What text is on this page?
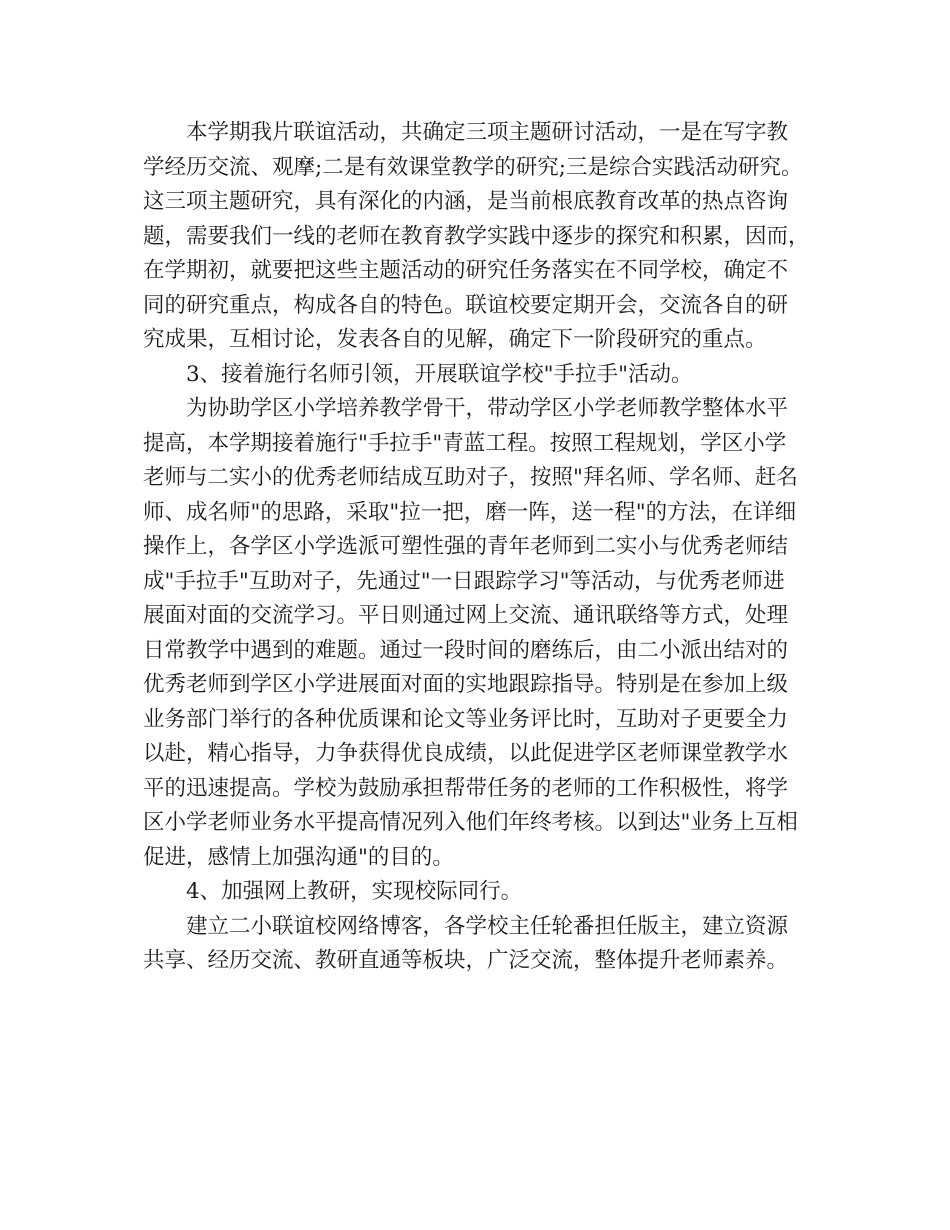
本学期我片联谊活动，共确定三项主题研讨活动，一是在写字教
学经历交流、观摩;二是有效课堂教学的研究;三是综合实践活动研究。
这三项主题研究，具有深化的内涵，是当前根底教育改革的热点咨询
题，需要我们一线的老师在教育教学实践中逐步的探究和积累，因而，
在学期初，就要把这些主题活动的研究任务落实在不同学校，确定不
同的研究重点，构成各自的特色。联谊校要定期开会，交流各自的研
究成果，互相讨论，发表各自的见解，确定下一阶段研究的重点。
3、接着施行名师引领，开展联谊学校"手拉手"活动。
为协助学区小学培养教学骨干，带动学区小学老师教学整体水平
提高，本学期接着施行"手拉手"青蓝工程。按照工程规划，学区小学
老师与二实小的优秀老师结成互助对子，按照"拜名师、学名师、赶名
师、成名师"的思路，采取"拉一把，磨一阵，送一程"的方法，在详细
操作上，各学区小学选派可塑性强的青年老师到二实小与优秀老师结
成"手拉手"互助对子，先通过"一日跟踪学习"等活动，与优秀老师进
展面对面的交流学习。平日则通过网上交流、通讯联络等方式，处理
日常教学中遇到的难题。通过一段时间的磨练后，由二小派出结对的
优秀老师到学区小学进展面对面的实地跟踪指导。特别是在参加上级
业务部门举行的各种优质课和论文等业务评比时，互助对子更要全力
以赴，精心指导，力争获得优良成绩，以此促进学区老师课堂教学水
平的迅速提高。学校为鼓励承担帮带任务的老师的工作积极性，将学
区小学老师业务水平提高情况列入他们年终考核。以到达"业务上互相
促进，感情上加强沟通"的目的。
4、加强网上教研，实现校际同行。
建立二小联谊校网络博客，各学校主任轮番担任版主，建立资源
共享、经历交流、教研直通等板块，广泛交流，整体提升老师素养。
